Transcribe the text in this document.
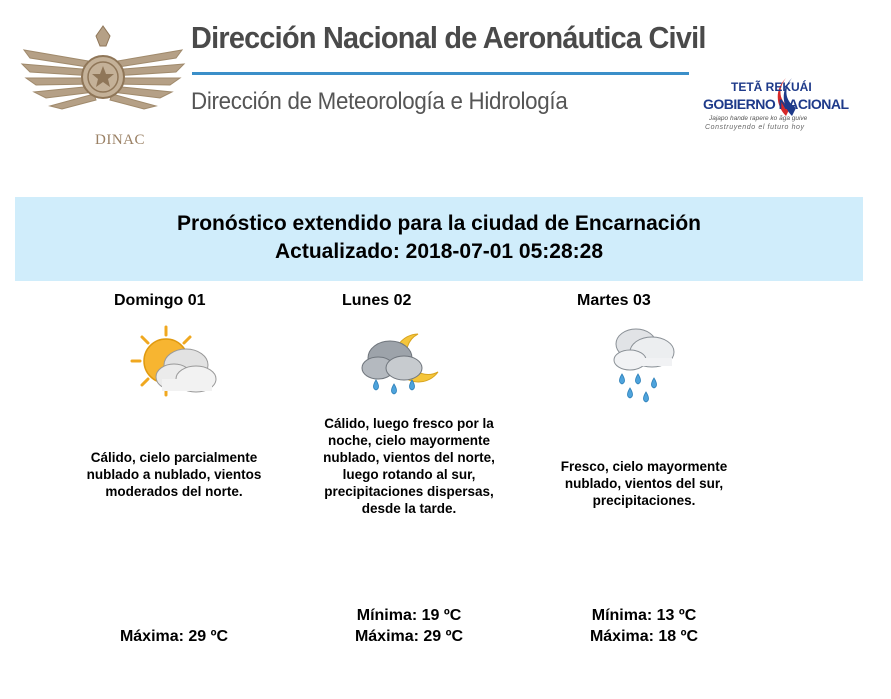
DINAC
Dirección Nacional de Aeronáutica Civil
Dirección de Meteorología e Hidrología
TETÃ REKUÁI
GOBIERNO NACIONAL
Jajapo hande rapere ko ãga guive
Construyendo el futuro hoy
Pronóstico extendido para la ciudad de Encarnación
Actualizado: 2018-07-01 05:28:28
Domingo 01
Cálido, cielo parcialmente nublado a nublado, vientos moderados del norte.
Máxima: 29 ºC
Lunes 02
Cálido, luego fresco por la noche, cielo mayormente nublado, vientos del norte, luego rotando al sur, precipitaciones dispersas, desde la tarde.
Mínima: 19 ºC
Máxima: 29 ºC
Martes 03
Fresco, cielo mayormente nublado, vientos del sur, precipitaciones.
Mínima: 13 ºC
Máxima: 18 ºC
